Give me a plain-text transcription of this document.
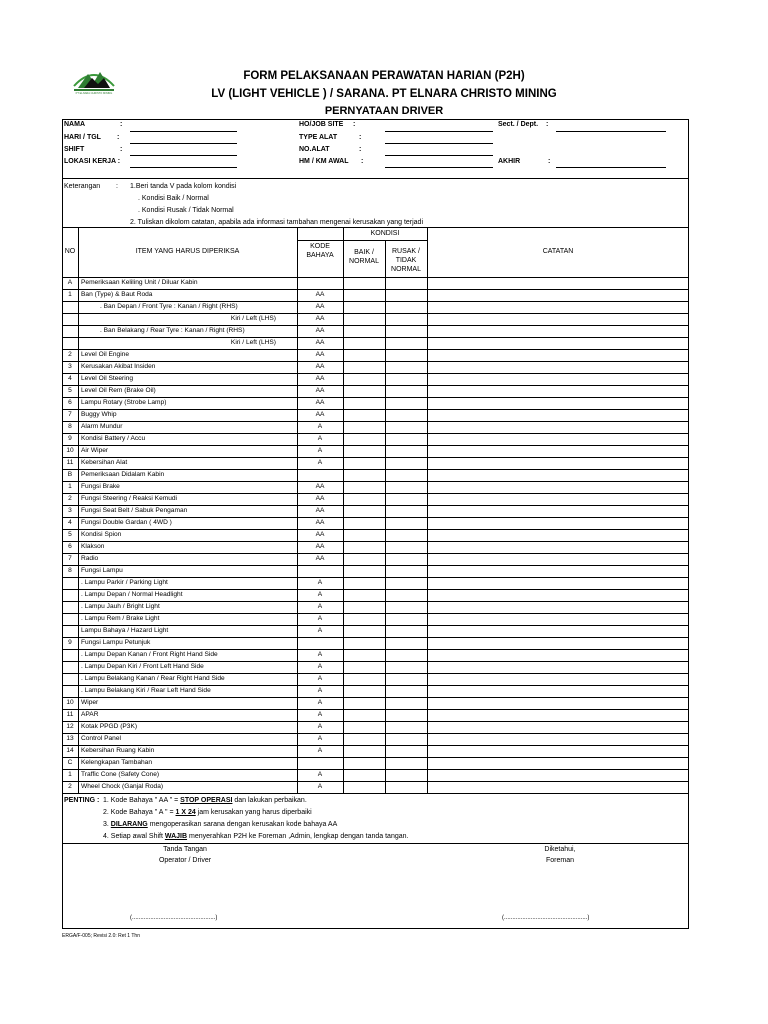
PT ELNARA CHRISTO MINING
FORM PELAKSANAAN PERAWATAN HARIAN (P2H)
LV (LIGHT VEHICLE ) / SARANA. PT ELNARA CHRISTO MINING
PERNYATAAN DRIVER
NAMA	:
HARI / TGL :
SHIFT	:
LOKASI KERJA :
HO/JOB SITE :
TYPE ALAT	:
NO.ALAT	:
HM / KM AWAL :
Sect. / Dept. :
AKHIR	:
Keterangan : 1.Beri tanda V pada kolom kondisi
. Kondisi Baik / Normal
. Kondisi Rusak / Tidak Normal
2. Tuliskan dikolom catatan, apabila ada informasi tambahan mengenai kerusakan yang terjadi
NO	ITEM YANG HARUS DIPERIKSA
KODE
BAHAYA
KONDISI
BAIK /
NORMAL
RUSAK /
TIDAK
NORMAL
CATATAN
A	Pemeriksaan Keliling Unit / Diluar Kabin
1	Ban (Type) & Baut Roda	AA
. Ban Depan / Front Tyre : Kanan / Right (RHS)	AA
Kiri / Left (LHS)	AA
. Ban Belakang / Rear Tyre : Kanan / Right (RHS)	AA
Kiri / Left (LHS)	AA
2	Level Oil Engine	AA
3	Kerusakan Akibat Insiden	AA
4	Level Oil Steering	AA
5	Level Oil Rem (Brake Oil)	AA
6	Lampu Rotary (Strobe Lamp)	AA
7	Buggy Whip	AA
8	Alarm Mundur	A
9	Kondisi Battery / Accu	A
10	Air Wiper	A
11	Kebersihan Alat	A
B	Pemeriksaan Didalam Kabin
1	Fungsi Brake	AA
2	Fungsi Steering / Reaksi Kemudi	AA
3	Fungsi Seat Belt / Sabuk Pengaman	AA
4	Fungsi Double Gardan ( 4WD )	AA
5	Kondisi Spion	AA
6	Klakson	AA
7	Radio	AA
8	Fungsi Lampu
. Lampu Parkir / Parking Light	A
. Lampu Depan / Normal Headlight	A
. Lampu Jauh / Bright Light	A
. Lampu Rem / Brake Light	A
Lampu Bahaya / Hazard Light	A
9	Fungsi Lampu Petunjuk
. Lampu Depan Kanan / Front Right Hand Side	A
. Lampu Depan Kiri / Front Left Hand Side	A
. Lampu Belakang Kanan / Rear Right Hand Side	A
. Lampu Belakang Kiri / Rear Left Hand Side	A
10	Wiper	A
11	APAR	A
12	Kotak PPGD (P3K)	A
13	Control Panel	A
14	Kebersihan Ruang Kabin	A
C	Kelengkapan Tambahan
1	Traffic Cone (Safety Cone)	A
2	Wheel Chock (Ganjal Roda)	A
PENTING : 1. Kode Bahaya " AA " = STOP OPERASI dan lakukan perbaikan.
2. Kode Bahaya " A " = 1 X 24 jam kerusakan yang harus diperbaiki
3. DILARANG mengoperasikan sarana dengan kerusakan kode bahaya AA
4. Setiap awal Shift WAJIB menyerahkan P2H ke Foreman ,Admin, lengkap dengan tanda tangan.
Tanda Tangan
Operator / Driver
Diketahui,
Foreman
(..................................................)	(..................................................)
ERGA/F-005; Revisi 2.0: Ret 1 Thn
